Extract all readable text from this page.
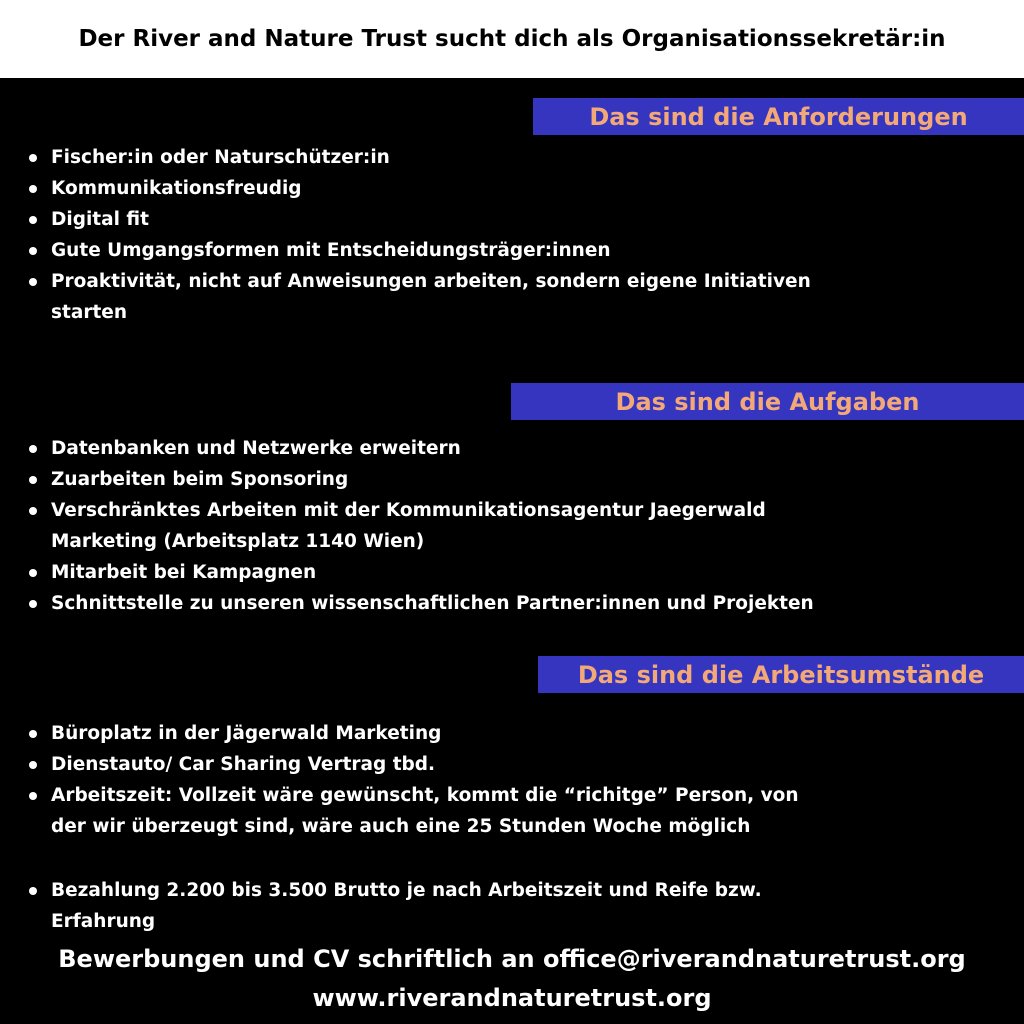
Der River and Nature Trust sucht dich als Organisationssekretär:in
Das sind die Anforderungen
Fischer:in oder Naturschützer:in
Kommunikationsfreudig
Digital fit
Gute Umgangsformen mit Entscheidungsträger:innen
Proaktivität, nicht auf Anweisungen arbeiten, sondern eigene Initiativen
starten
Das sind die Aufgaben
Datenbanken und Netzwerke erweitern
Zuarbeiten beim Sponsoring
Verschränktes Arbeiten mit der Kommunikationsagentur Jaegerwald
Marketing (Arbeitsplatz 1140 Wien)
Mitarbeit bei Kampagnen
Schnittstelle zu unseren wissenschaftlichen Partner:innen und Projekten
Das sind die Arbeitsumstände
Büroplatz in der Jägerwald Marketing
Dienstauto/ Car Sharing Vertrag tbd.
Arbeitszeit: Vollzeit wäre gewünscht, kommt die “richitge” Person, von
der wir überzeugt sind, wäre auch eine 25 Stunden Woche möglich
Bezahlung 2.200 bis 3.500 Brutto je nach Arbeitszeit und Reife bzw.
Erfahrung
Bewerbungen und CV schriftlich an office@riverandnaturetrust.org
www.riverandnaturetrust.org
